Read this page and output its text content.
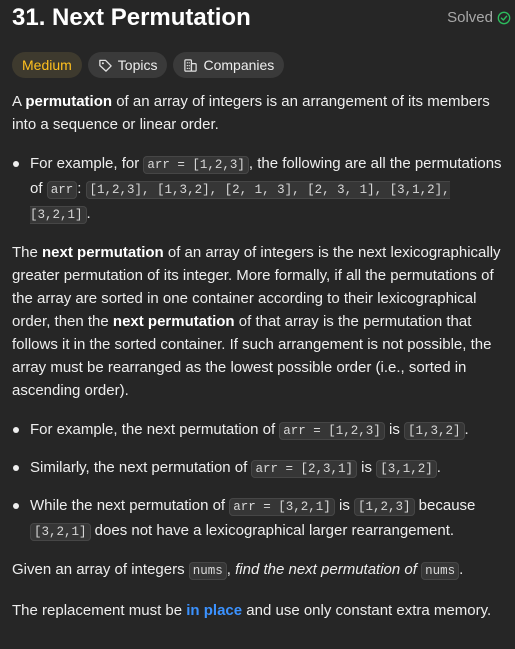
31. Next Permutation	Solved
Medium	Topics	Companies

A permutation of an array of integers is an arrangement of its members into a sequence or linear order.

For example, for arr = [1,2,3] , the following are all the permutations of arr : [1,2,3], [1,3,2], [2, 1, 3], [2, 3, 1], [3,1,2], [3,2,1] .

The next permutation of an array of integers is the next lexicographically greater permutation of its integer. More formally, if all the permutations of the array are sorted in one container according to their lexicographical order, then the next permutation of that array is the permutation that follows it in the sorted container. If such arrangement is not possible, the array must be rearranged as the lowest possible order (i.e., sorted in ascending order).

For example, the next permutation of arr = [1,2,3] is [1,3,2] .
Similarly, the next permutation of arr = [2,3,1] is [3,1,2] .
While the next permutation of arr = [3,2,1] is [1,2,3] because [3,2,1] does not have a lexicographical larger rearrangement.

Given an array of integers nums , find the next permutation of nums .

The replacement must be in place and use only constant extra memory.
